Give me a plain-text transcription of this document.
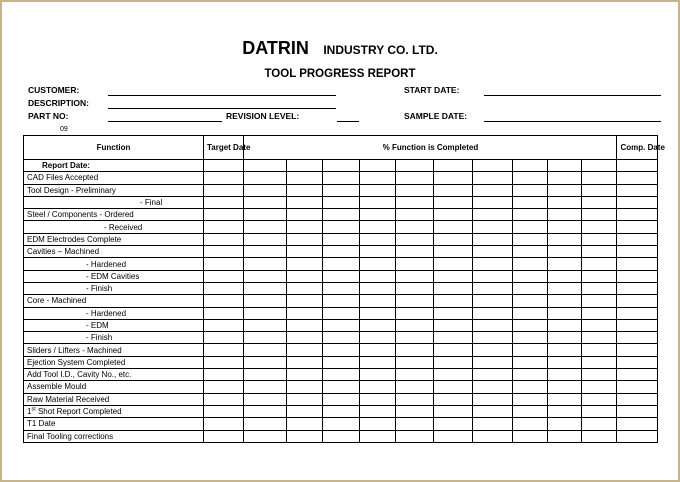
DATRIN INDUSTRY CO. LTD.
TOOL PROGRESS REPORT
CUSTOMER:
DESCRIPTION:
PART NO:	REVISION LEVEL:
START DATE:
SAMPLE DATE:
09
Function	Target Date	% Function is Completed										Comp. Date
Report Date:												
CAD Files Accepted												
Tool Design - Preliminary												
- Final												
Steel / Components - Ordered												
- Received												
EDM Electrodes Complete												
Cavities – Machined												
- Hardened												
- EDM Cavities												
- Finish												
Core - Machined												
- Hardened												
- EDM												
- Finish												
Sliders / Lifters - Machined												
Ejection System Completed												
Add Tool I.D., Cavity No., etc.												
Assemble Mould												
Raw Material Received												
1st Shot Report Completed												
T1 Date												
Final Tooling corrections												
